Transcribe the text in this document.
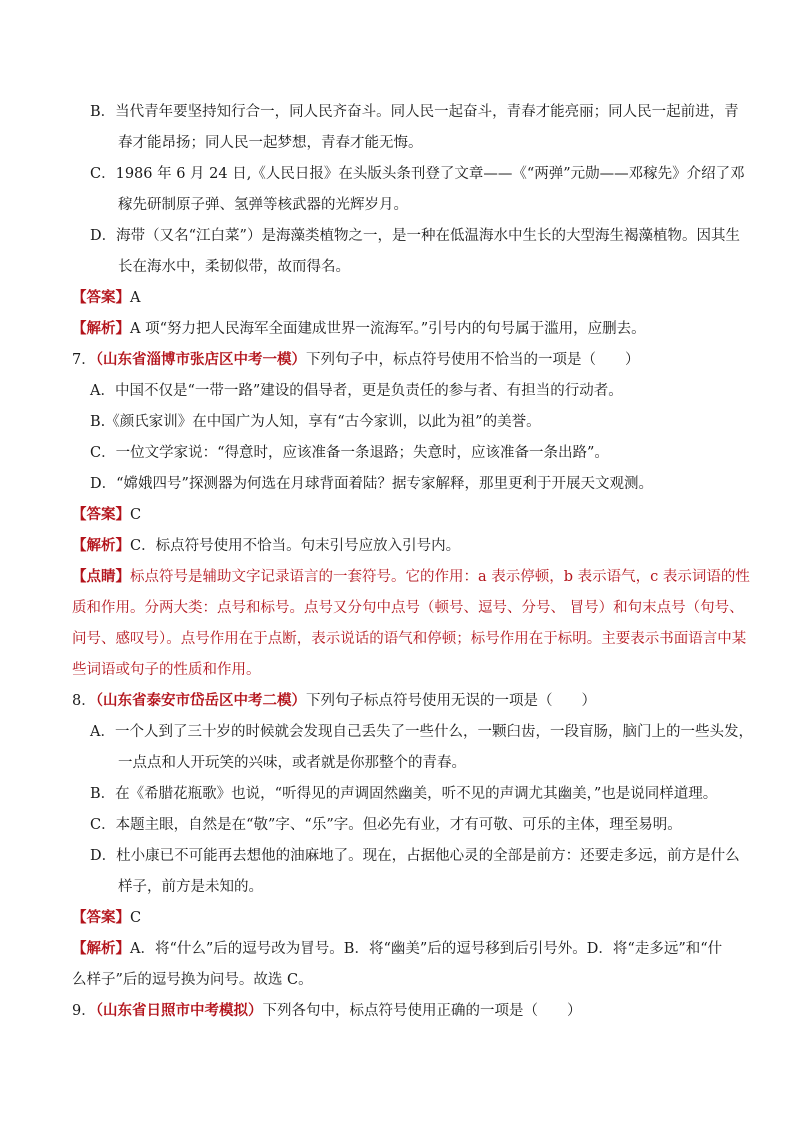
B．当代青年要坚持知行合一，同人民齐奋斗。同人民一起奋斗，青春才能亮丽；同人民一起前进，青
春才能昂扬；同人民一起梦想，青春才能无悔。
C．1986 年 6 月 24 日,《人民日报》在头版头条刊登了文章——《“两弹”元勋——邓稼先》介绍了邓
稼先研制原子弹、氢弹等核武器的光辉岁月。
D．海带（又名“江白菜”）是海藻类植物之一，是一种在低温海水中生长的大型海生褐藻植物。因其生
长在海水中，柔韧似带，故而得名。
【答案】A
【解析】A 项“努力把人民海军全面建成世界一流海军。”引号内的句号属于滥用，应删去。
7．（山东省淄博市张店区中考一模）下列句子中，标点符号使用不恰当的一项是（　　）
A．中国不仅是“一带一路”建设的倡导者，更是负责任的参与者、有担当的行动者。
B.《颜氏家训》在中国广为人知，享有“古今家训，以此为祖”的美誉。
C．一位文学家说：“得意时，应该准备一条退路；失意时，应该准备一条出路”。
D．“嫦娥四号”探测器为何选在月球背面着陆？据专家解释，那里更利于开展天文观测。
【答案】C
【解析】C．标点符号使用不恰当。句末引号应放入引号内。
【点睛】标点符号是辅助文字记录语言的一套符号。它的作用：a 表示停顿，b 表示语气，c 表示词语的性
质和作用。分两大类：点号和标号。点号又分句中点号（顿号、逗号、分号、 冒号）和句末点号（句号、
问号、感叹号）。点号作用在于点断，表示说话的语气和停顿；标号作用在于标明。主要表示书面语言中某
些词语或句子的性质和作用。
8．（山东省泰安市岱岳区中考二模）下列句子标点符号使用无误的一项是（　　）
A．一个人到了三十岁的时候就会发现自己丢失了一些什么，一颗臼齿，一段盲肠，脑门上的一些头发，
一点点和人开玩笑的兴味，或者就是你那整个的青春。
B．在《希腊花瓶歌》也说，“听得见的声调固然幽美，听不见的声调尤其幽美，”也是说同样道理。
C．本题主眼，自然是在“敬”字、“乐”字。但必先有业，才有可敬、可乐的主体，理至易明。
D．杜小康已不可能再去想他的油麻地了。现在，占据他心灵的全部是前方：还要走多远，前方是什么
样子，前方是未知的。
【答案】C
【解析】A．将“什么”后的逗号改为冒号。B．将“幽美”后的逗号移到后引号外。D．将“走多远”和“什
么样子”后的逗号换为问号。故选 C。
9．（山东省日照市中考模拟）下列各句中，标点符号使用正确的一项是（　　）
